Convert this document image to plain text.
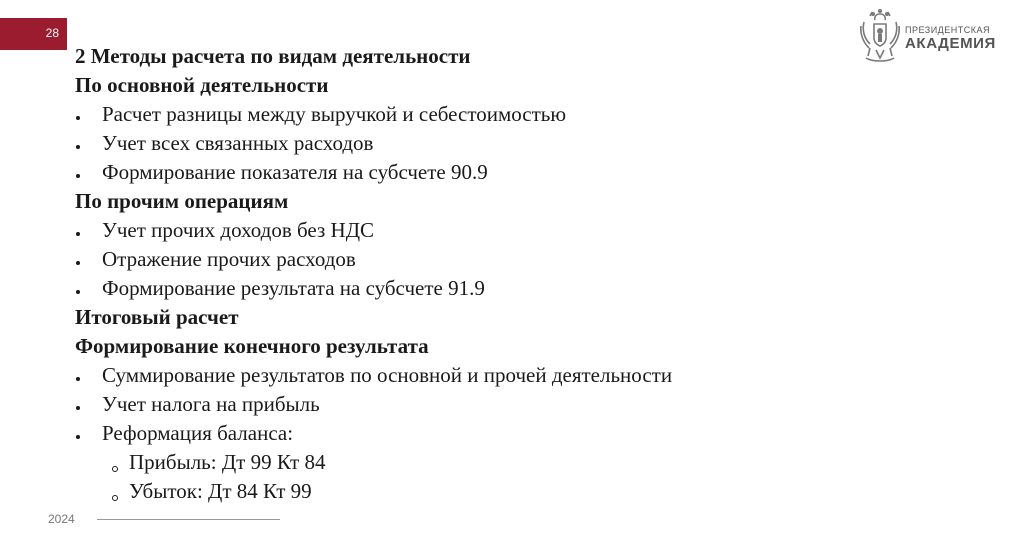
28	ПРЕЗИДЕНТСКАЯ
АКАДЕМИЯ
2 Методы расчета по видам деятельности
По основной деятельности
Расчет разницы между выручкой и себестоимостью
Учет всех связанных расходов
Формирование показателя на субсчете 90.9
По прочим операциям
Учет прочих доходов без НДС
Отражение прочих расходов
Формирование результата на субсчете 91.9
Итоговый расчет
Формирование конечного результата
Суммирование результатов по основной и прочей деятельности
Учет налога на прибыль
Реформация баланса:
Прибыль: Дт 99 Кт 84
Убыток: Дт 84 Кт 99
2024
